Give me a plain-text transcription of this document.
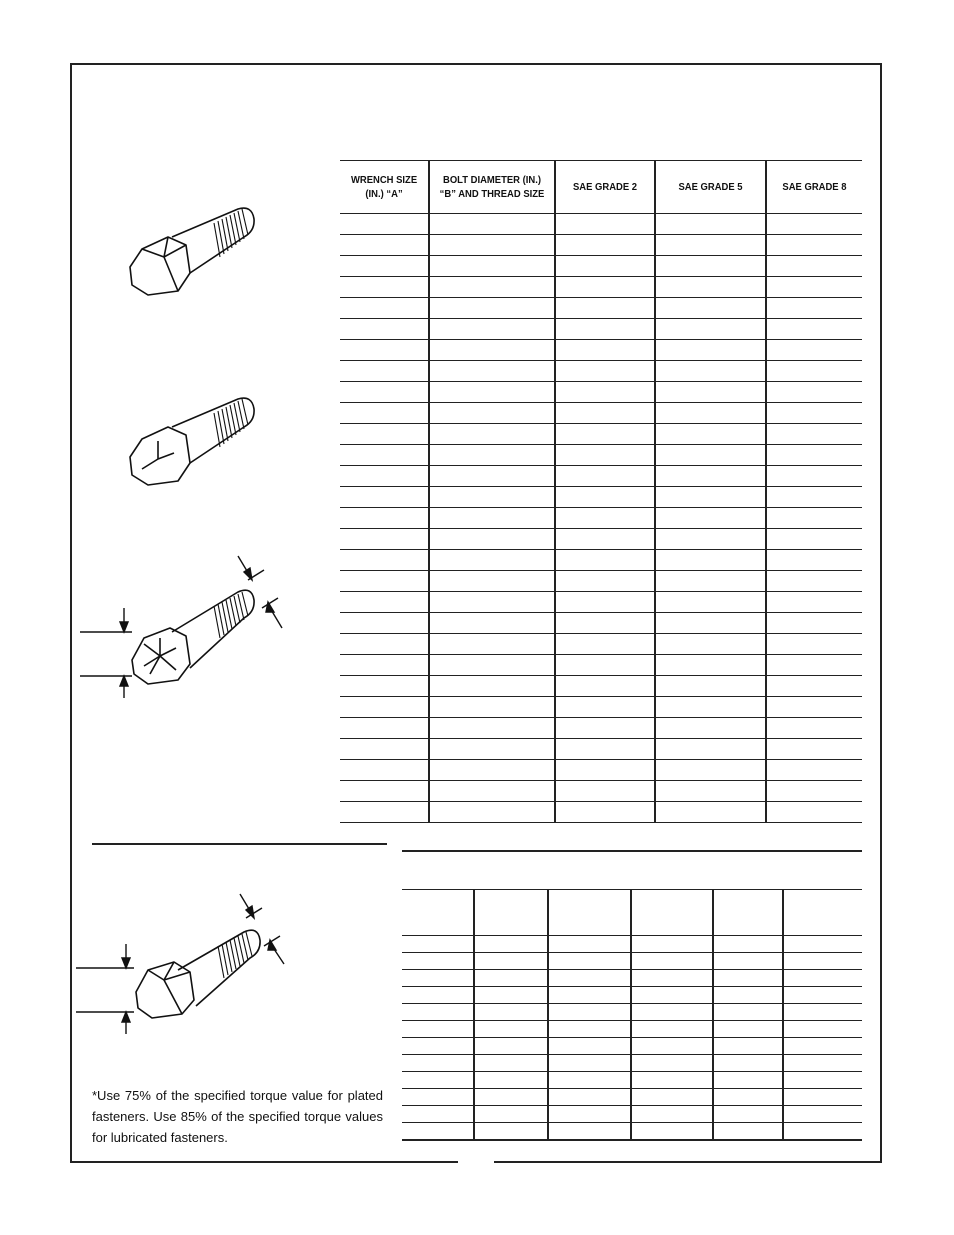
WRENCH SIZE (IN.) “A”	BOLT DIAMETER (IN.) “B” AND THREAD SIZE	SAE GRADE 2	SAE GRADE 5	SAE GRADE 8

*Use 75% of the specified torque value for plated fasteners. Use 85% of the specified torque values for lubricated fasteners.
